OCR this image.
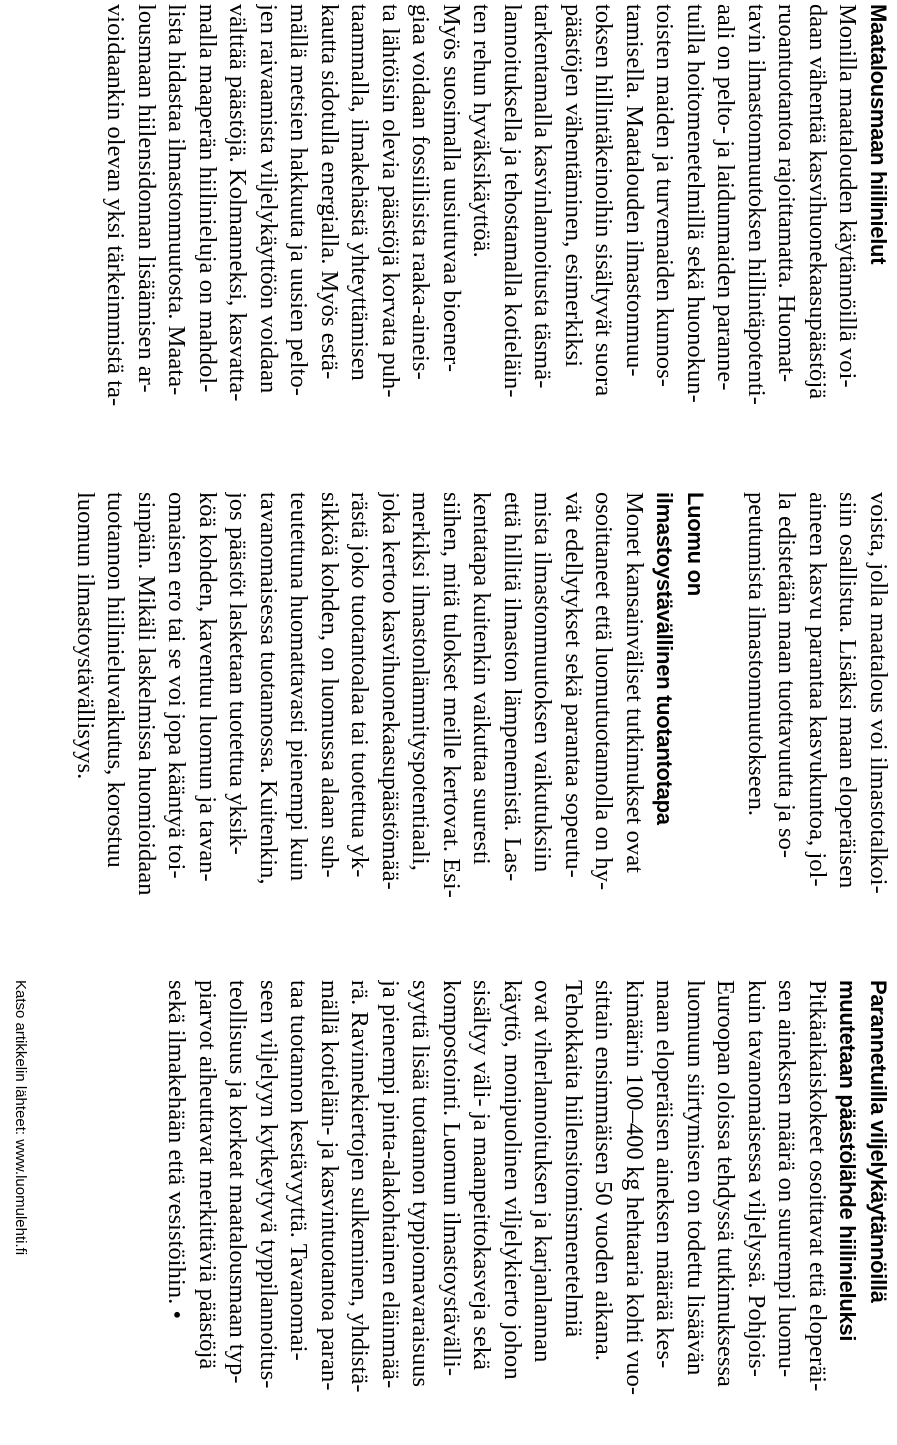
Maatalousmaan hiilinielut
Monilla maatalouden käytännöillä voi-
daan vähentää kasvihuonekaasupäästöjä
ruoantuotantoa rajoittamatta. Huomat-
tavin ilmastonmuutoksen hillintäpotenti-
aali on pelto- ja laidunmaiden paranne-
tuilla hoitomenetelmillä sekä huonokun-
toisten maiden ja turvemaiden kunnos-
tamisella. Maatalouden ilmastonmuu-
toksen hillintäkeinoihin sisältyvät suora
päästöjen vähentäminen, esimerkiksi
tarkentamalla kasvinlannoitusta täsmä-
lannoituksella ja tehostamalla kotieläin-
ten rehun hyväksikäyttöä.
Myös suosimalla uusiutuvaa bioener-
giaa voidaan fossiilisista raaka-aineis-
ta lähtöisin olevia päästöjä korvata puh-
taammalla, ilmakehästä yhteyttämisen
kautta sidotulla energialla. Myös estä-
mällä metsien hakkuuta ja uusien pelto-
jen raivaamista viljelykäyttöön voidaan
välttää päästöjä. Kolmanneksi, kasvatta-
malla maaperän hiilinieluja on mahdol-
lista hidastaa ilmastonmuutosta. Maata-
lousmaan hiilensidonnan lisäämisen ar-
vioidaankin olevan yksi tärkeimmistä ta-
voista, jolla maatalous voi ilmastotalkoi-
siin osallistua. Lisäksi maan eloperäisen
aineen kasvu parantaa kasvukuntoa, jol-
la edistetään maan tuottavuutta ja so-
peutumista ilmastonmuutokseen.

Luomu on
ilmastoystävällinen tuotantotapa
Monet kansainväliset tutkimukset ovat
osoittaneet että luomutuotannolla on hy-
vät edellytykset sekä parantaa sopeutu-
mista ilmastonmuutoksen vaikutuksiin
että hillitä ilmaston lämpenemistä. Las-
kentatapa kuitenkin vaikuttaa suuresti
siihen, mitä tulokset meille kertovat. Esi-
merkiksi ilmastonlämmityspotentiaali,
joka kertoo kasvihuonekaasupäästömää-
rästä joko tuotantoalaa tai tuotettua yk-
sikköä kohden, on luomussa alaan suh-
teutettuna huomattavasti pienempi kuin
tavanomaisessa tuotannossa. Kuitenkin,
jos päästöt lasketaan tuotettua yksik-
köä kohden, kaventuu luomun ja tavan-
omaisen ero tai se voi jopa kääntyä toi-
sinpäin. Mikäli laskelmissa huomioidaan
tuotannon hiilinieluvaikutus, korostuu
luomun ilmastoystävällisyys.
Parannetuilla viljelykäytännöillä
muutetaan päästölähde hiilinieluksi
Pitkäaikaiskokeet osoittavat että eloperäi-
sen aineksen määrä on suurempi luomu-
kuin tavanomaisessa viljelyssä. Pohjois-
Euroopan oloissa tehdyssä tutkimuksessa
luomuun siirtymisen on todettu lisäävän
maan eloperäisen aineksen määrää kes-
kimäärin 100–400 kg hehtaaria kohti vuo-
sittain ensimmäisen 50 vuoden aikana.
Tehokkaita hiilensitomismenetelmiä
ovat viherlannoituksen ja karjanlannan
käyttö, monipuolinen viljelykierto johon
sisältyy väli- ja maanpeittokasveja sekä
kompostointi. Luomun ilmastoystävälli-
syyttä lisää tuotannon typpiomavaraisuus
ja pienempi pinta-alakohtainen eläinmää-
rä. Ravinnekiertojen sulkeminen, yhdistä-
mällä kotieläin- ja kasvintuotantoa paran-
taa tuotannon kestävyyttä. Tavanomai-
seen viljelyyn kytkeytyvä typpilannoitus-
teollisuus ja korkeat maatalousmaan typ-
piarvot aiheuttavat merkittäviä päästöjä
sekä ilmakehään että vesistöihin. •
Katso artikkelin lähteet: www.luomulehti.fi
